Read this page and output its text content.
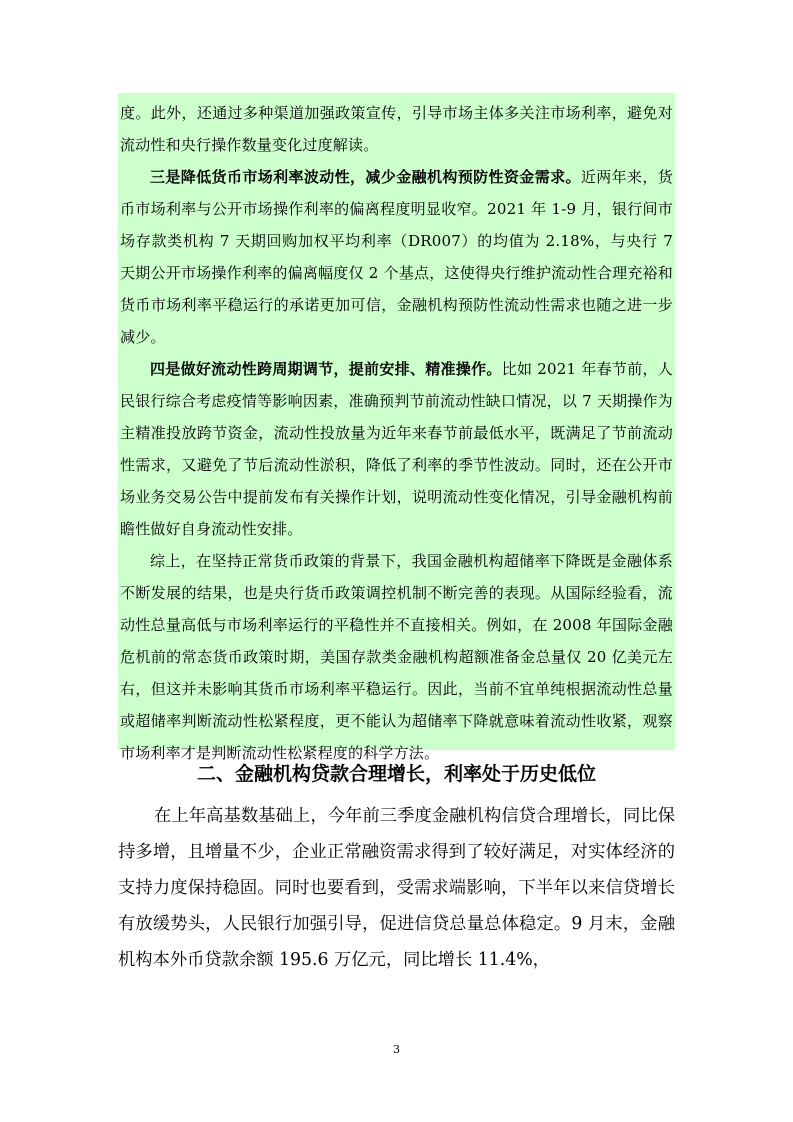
度。此外，还通过多种渠道加强政策宣传，引导市场主体多关注市场利率，避免对流动性和央行操作数量变化过度解读。

三是降低货币市场利率波动性，减少金融机构预防性资金需求。近两年来，货币市场利率与公开市场操作利率的偏离程度明显收窄。2021 年 1-9 月，银行间市场存款类机构 7 天期回购加权平均利率（DR007）的均值为 2.18%，与央行 7 天期公开市场操作利率的偏离幅度仅 2 个基点，这使得央行维护流动性合理充裕和货币市场利率平稳运行的承诺更加可信，金融机构预防性流动性需求也随之进一步减少。

四是做好流动性跨周期调节，提前安排、精准操作。比如 2021 年春节前，人民银行综合考虑疫情等影响因素，准确预判节前流动性缺口情况，以 7 天期操作为主精准投放跨节资金，流动性投放量为近年来春节前最低水平，既满足了节前流动性需求，又避免了节后流动性淤积，降低了利率的季节性波动。同时，还在公开市场业务交易公告中提前发布有关操作计划，说明流动性变化情况，引导金融机构前瞻性做好自身流动性安排。

综上，在坚持正常货币政策的背景下，我国金融机构超储率下降既是金融体系不断发展的结果，也是央行货币政策调控机制不断完善的表现。从国际经验看，流动性总量高低与市场利率运行的平稳性并不直接相关。例如，在 2008 年国际金融危机前的常态货币政策时期，美国存款类金融机构超额准备金总量仅 20 亿美元左右，但这并未影响其货币市场利率平稳运行。因此，当前不宜单纯根据流动性总量或超储率判断流动性松紧程度，更不能认为超储率下降就意味着流动性收紧，观察市场利率才是判断流动性松紧程度的科学方法。

二、金融机构贷款合理增长，利率处于历史低位

在上年高基数基础上，今年前三季度金融机构信贷合理增长，同比保持多增，且增量不少，企业正常融资需求得到了较好满足，对实体经济的支持力度保持稳固。同时也要看到，受需求端影响，下半年以来信贷增长有放缓势头，人民银行加强引导，促进信贷总量总体稳定。9 月末，金融机构本外币贷款余额 195.6 万亿元，同比增长 11.4%，

3
